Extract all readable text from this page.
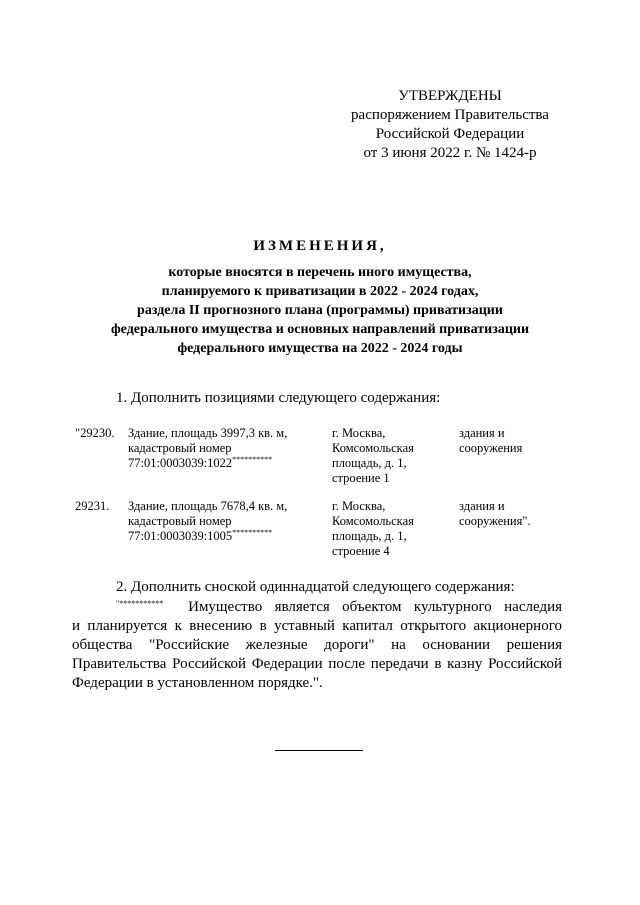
УТВЕРЖДЕНЫ
распоряжением Правительства
Российской Федерации
от 3 июня 2022 г. № 1424-р
ИЗМЕНЕНИЯ,
которые вносятся в перечень иного имущества,
планируемого к приватизации в 2022 - 2024 годах,
раздела II прогнозного плана (программы) приватизации
федерального имущества и основных направлений приватизации
федерального имущества на 2022 - 2024 годы
1. Дополнить позициями следующего содержания:
"29230. Здание, площадь 3997,3 кв. м,
кадастровый номер
77:01:0003039:1022**********
г. Москва,
Комсомольская
площадь, д. 1,
строение 1
здания и
сооружения
29231. Здание, площадь 7678,4 кв. м,
кадастровый номер
77:01:0003039:1005**********
г. Москва,
Комсомольская
площадь, д. 1,
строение 4
здания и
сооружения".
2. Дополнить сноской одиннадцатой следующего содержания:
"*********** Имущество является объектом культурного наследия
и планируется к внесению в уставный капитал открытого акционерного
общества "Российские железные дороги" на основании решения
Правительства Российской Федерации после передачи в казну Российской
Федерации в установленном порядке.".
